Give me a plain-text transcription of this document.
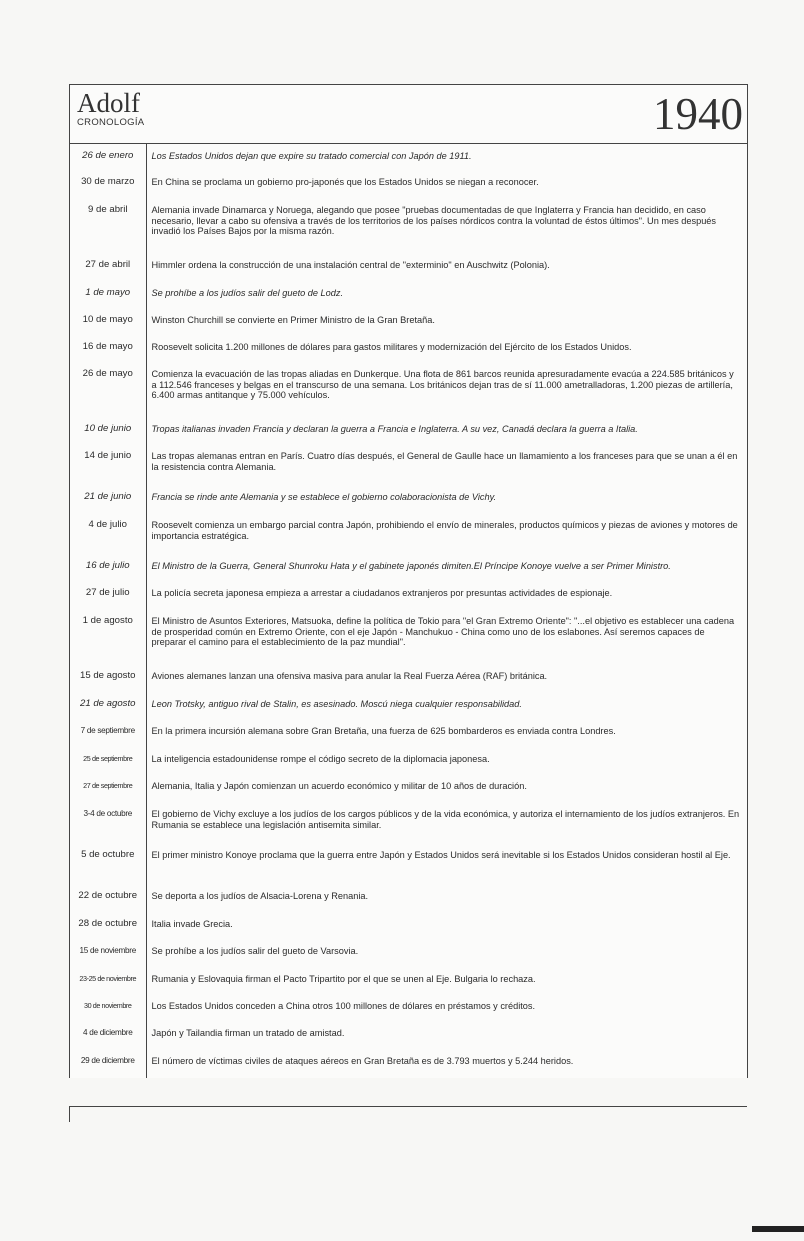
Adolf
CRONOLOGÍA	1940
26 de enero	Los Estados Unidos dejan que expire su tratado comercial con Japón de 1911.
30 de marzo	En China se proclama un gobierno pro-japonés que los Estados Unidos se niegan a reconocer.
9 de abril	Alemania invade Dinamarca y Noruega, alegando que posee "pruebas documentadas de que Inglaterra y Francia han decidido, en caso necesario, llevar a cabo su ofensiva a través de los territorios de los países nórdicos contra la voluntad de éstos últimos". Un mes después invadió los Países Bajos por la misma razón.
27 de abril	Himmler ordena la construcción de una instalación central de "exterminio" en Auschwitz (Polonia).
1 de mayo	Se prohíbe a los judíos salir del gueto de Lodz.
10 de mayo	Winston Churchill se convierte en Primer Ministro de la Gran Bretaña.
16 de mayo	Roosevelt solicita 1.200 millones de dólares para gastos militares y modernización del Ejército de los Estados Unidos.
26 de mayo	Comienza la evacuación de las tropas aliadas en Dunkerque. Una flota de 861 barcos reunida apresuradamente evacúa a 224.585 británicos y a 112.546 franceses y belgas en el transcurso de una semana. Los británicos dejan tras de sí 11.000 ametralladoras, 1.200 piezas de artillería, 6.400 armas antitanque y 75.000 vehículos.
10 de junio	Tropas italianas invaden Francia y declaran la guerra a Francia e Inglaterra. A su vez, Canadá declara la guerra a Italia.
14 de junio	Las tropas alemanas entran en París. Cuatro días después, el General de Gaulle hace un llamamiento a los franceses para que se unan a él en la resistencia contra Alemania.
21 de junio	Francia se rinde ante Alemania y se establece el gobierno colaboracionista de Vichy.
4 de julio	Roosevelt comienza un embargo parcial contra Japón, prohibiendo el envío de minerales, productos químicos y piezas de aviones y motores de importancia estratégica.
16 de julio	El Ministro de la Guerra, General Shunroku Hata y el gabinete japonés dimiten.El Príncipe Konoye vuelve a ser Primer Ministro.
27 de julio	La policía secreta japonesa empieza a arrestar a ciudadanos extranjeros por presuntas actividades de espionaje.
1 de agosto	El Ministro de Asuntos Exteriores, Matsuoka, define la política de Tokio para "el Gran Extremo Oriente": "...el objetivo es establecer una cadena de prosperidad común en Extremo Oriente, con el eje Japón - Manchukuo - China como uno de los eslabones. Así seremos capaces de preparar el camino para el establecimiento de la paz mundial".
15 de agosto	Aviones alemanes lanzan una ofensiva masiva para anular la Real Fuerza Aérea (RAF) británica.
21 de agosto	Leon Trotsky, antiguo rival de Stalin, es asesinado. Moscú niega cualquier responsabilidad.
7 de septiembre	En la primera incursión alemana sobre Gran Bretaña, una fuerza de 625 bombarderos es enviada contra Londres.
25 de septiembre	La inteligencia estadounidense rompe el código secreto de la diplomacia japonesa.
27 de septiembre	Alemania, Italia y Japón comienzan un acuerdo económico y militar de 10 años de duración.
3-4 de octubre	El gobierno de Vichy excluye a los judíos de los cargos públicos y de la vida económica, y autoriza el internamiento de los judíos extranjeros. En Rumania se establece una legislación antisemita similar.
5 de octubre	El primer ministro Konoye proclama que la guerra entre Japón y Estados Unidos será inevitable si los Estados Unidos consideran hostil al Eje.
22 de octubre	Se deporta a los judíos de Alsacia-Lorena y Renania.
28 de octubre	Italia invade Grecia.
15 de noviembre	Se prohíbe a los judíos salir del gueto de Varsovia.
23-25 de noviembre	Rumania y Eslovaquia firman el Pacto Tripartito por el que se unen al Eje. Bulgaria lo rechaza.
30 de noviembre	Los Estados Unidos conceden a China otros 100 millones de dólares en préstamos y créditos.
4 de diciembre	Japón y Tailandia firman un tratado de amistad.
29 de diciembre	El número de víctimas civiles de ataques aéreos en Gran Bretaña es de 3.793 muertos y 5.244 heridos.
